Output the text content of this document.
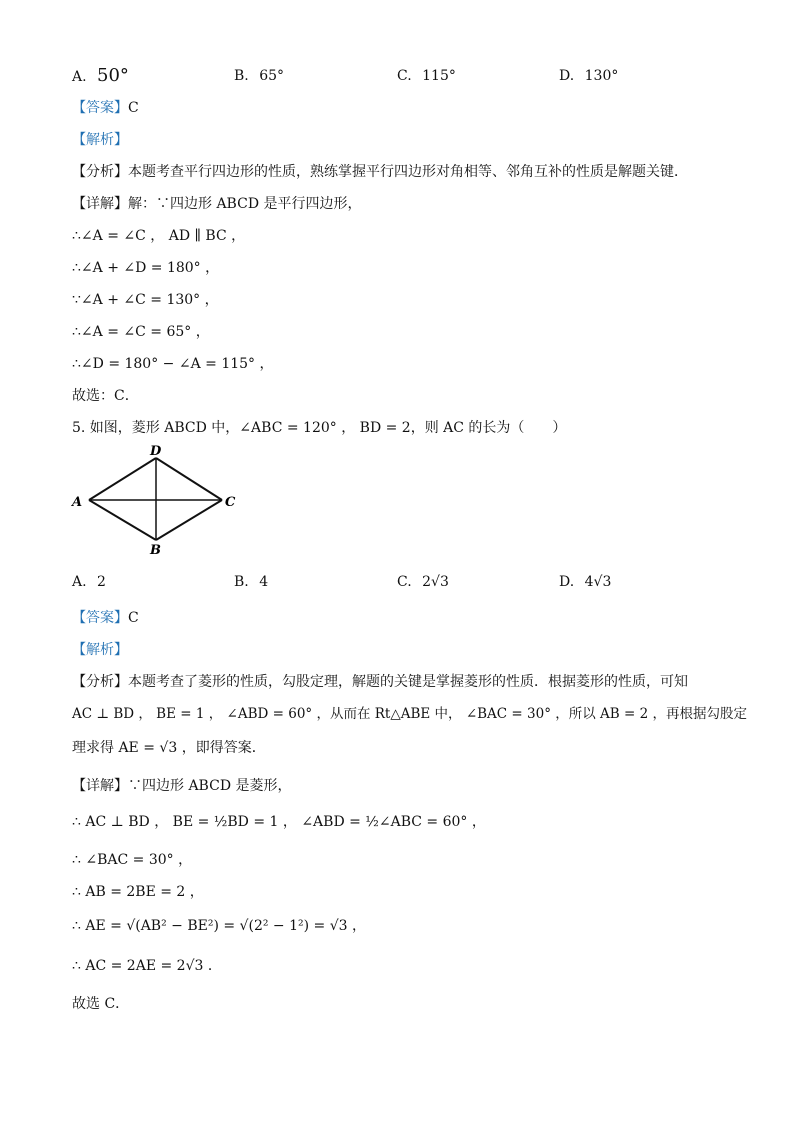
A. 50°	B. 65°	C. 115°	D. 130°
【答案】C
【解析】
【分析】本题考查平行四边形的性质，熟练掌握平行四边形对角相等、邻角互补的性质是解题关键．
【详解】解：∵四边形 ABCD 是平行四边形，
∴∠A = ∠C ， AD ∥ BC ，
∴∠A + ∠D = 180° ，
∵∠A + ∠C = 130° ，
∴∠A = ∠C = 65° ，
∴∠D = 180° − ∠A = 115° ，
故选：C．
5. 如图，菱形 ABCD 中，∠ABC = 120° ， BD = 2，则 AC 的长为（　　）
A
D
C
B
A. 2	B. 4	C. 2√3	D. 4√3
【答案】C
【解析】
【分析】本题考查了菱形的性质，勾股定理，解题的关键是掌握菱形的性质．根据菱形的性质，可知
AC ⊥ BD ， BE = 1 ， ∠ABD = 60° ，从而在 Rt△ABE 中， ∠BAC = 30° ，所以 AB = 2 ，再根据勾股定
理求得 AE = √3 ，即得答案．
【详解】∵四边形 ABCD 是菱形，
∴ AC ⊥ BD ， BE = ½BD = 1 ， ∠ABD = ½∠ABC = 60° ，
∴ ∠BAC = 30° ，
∴ AB = 2BE = 2 ，
∴ AE = √(AB² − BE²) = √(2² − 1²) = √3 ，
∴ AC = 2AE = 2√3 ．
故选 C．
